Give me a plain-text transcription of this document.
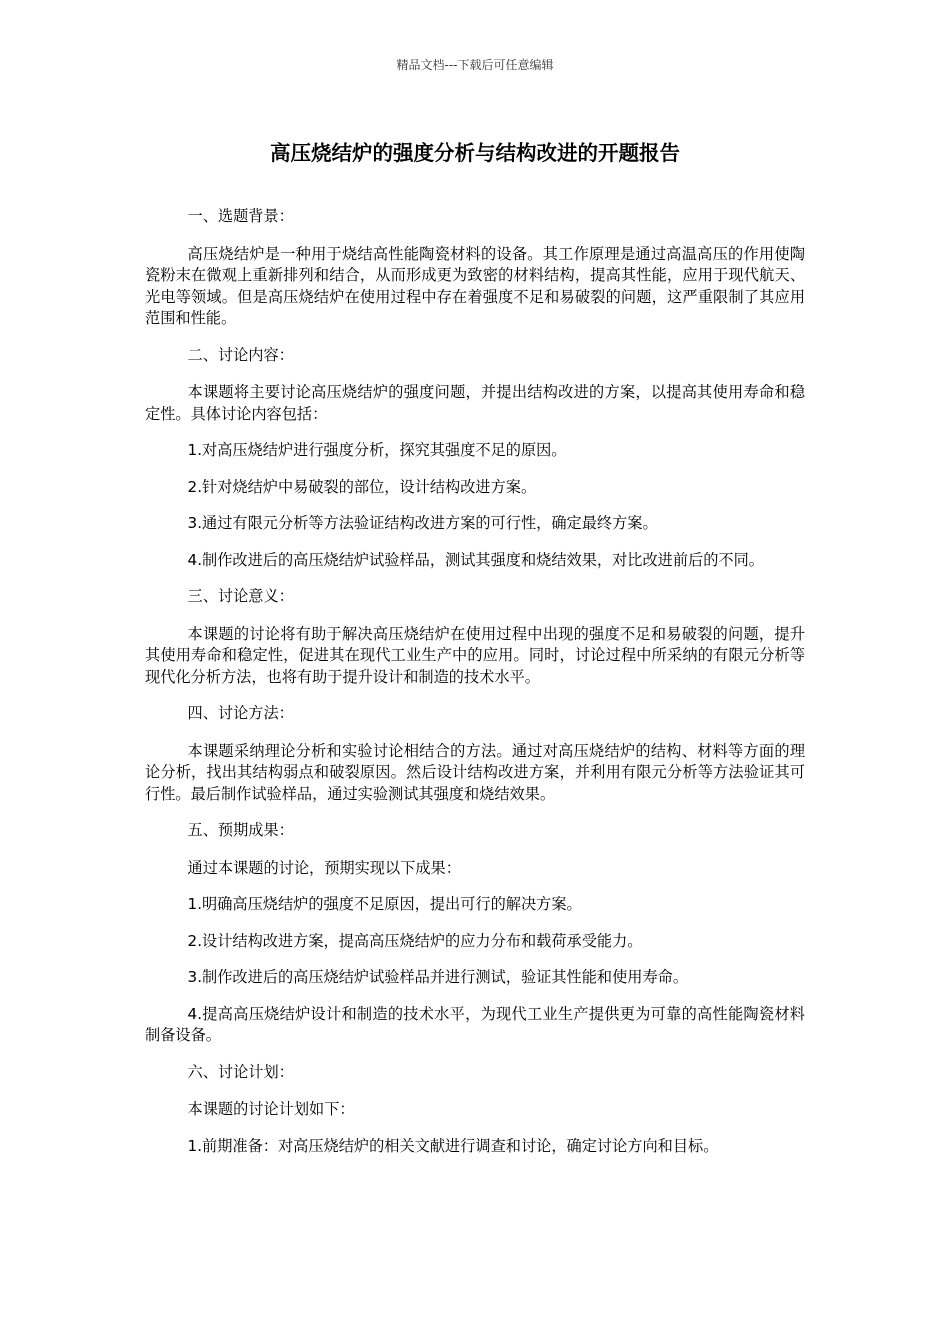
精品文档---下载后可任意编辑
高压烧结炉的强度分析与结构改进的开题报告

一、选题背景：

高压烧结炉是一种用于烧结高性能陶瓷材料的设备。其工作原理是通过高温高压的作用使陶瓷粉末在微观上重新排列和结合，从而形成更为致密的材料结构，提高其性能，应用于现代航天、光电等领域。但是高压烧结炉在使用过程中存在着强度不足和易破裂的问题，这严重限制了其应用范围和性能。

二、讨论内容：

本课题将主要讨论高压烧结炉的强度问题，并提出结构改进的方案，以提高其使用寿命和稳定性。具体讨论内容包括：

1.对高压烧结炉进行强度分析，探究其强度不足的原因。

2.针对烧结炉中易破裂的部位，设计结构改进方案。

3.通过有限元分析等方法验证结构改进方案的可行性，确定最终方案。

4.制作改进后的高压烧结炉试验样品，测试其强度和烧结效果，对比改进前后的不同。

三、讨论意义：

本课题的讨论将有助于解决高压烧结炉在使用过程中出现的强度不足和易破裂的问题，提升其使用寿命和稳定性，促进其在现代工业生产中的应用。同时，讨论过程中所采纳的有限元分析等现代化分析方法，也将有助于提升设计和制造的技术水平。

四、讨论方法：

本课题采纳理论分析和实验讨论相结合的方法。通过对高压烧结炉的结构、材料等方面的理论分析，找出其结构弱点和破裂原因。然后设计结构改进方案，并利用有限元分析等方法验证其可行性。最后制作试验样品，通过实验测试其强度和烧结效果。

五、预期成果：

通过本课题的讨论，预期实现以下成果：

1.明确高压烧结炉的强度不足原因，提出可行的解决方案。

2.设计结构改进方案，提高高压烧结炉的应力分布和载荷承受能力。

3.制作改进后的高压烧结炉试验样品并进行测试，验证其性能和使用寿命。

4.提高高压烧结炉设计和制造的技术水平，为现代工业生产提供更为可靠的高性能陶瓷材料制备设备。

六、讨论计划：

本课题的讨论计划如下：

1.前期准备：对高压烧结炉的相关文献进行调查和讨论，确定讨论方向和目标。
